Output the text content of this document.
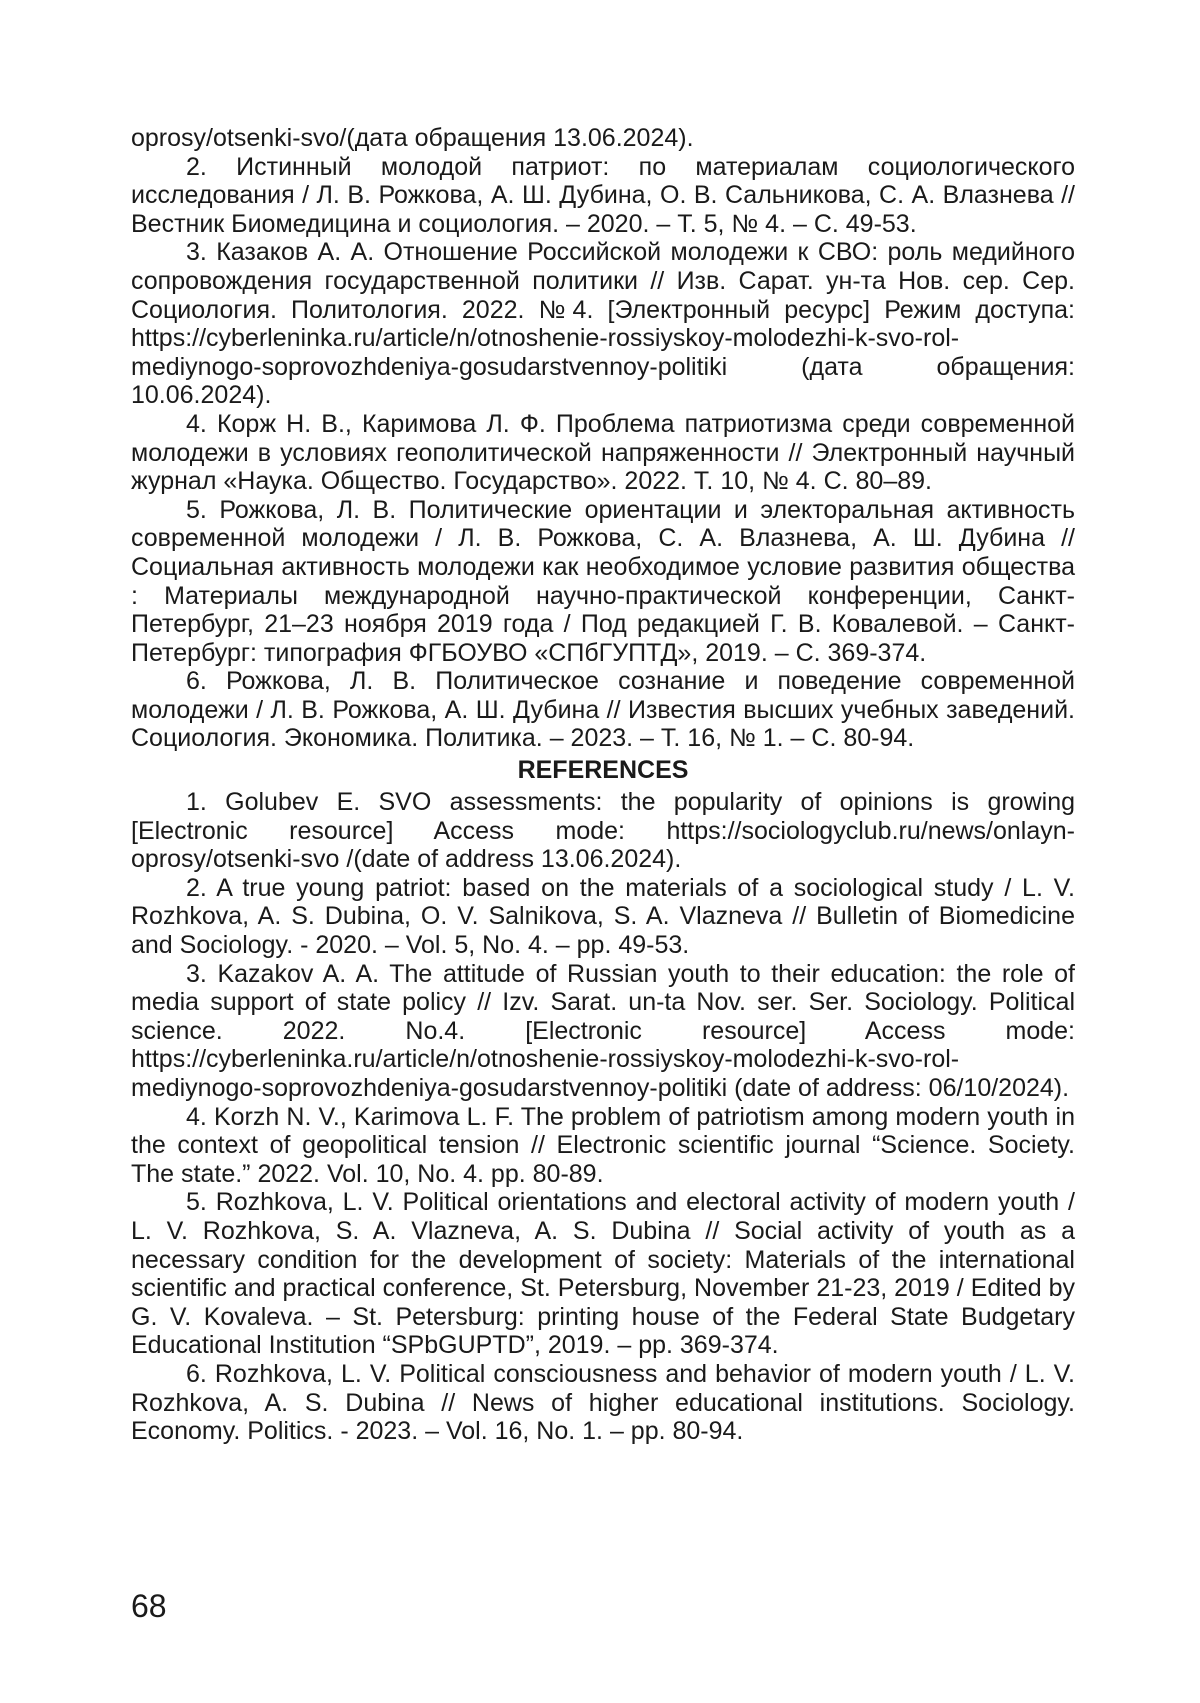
oprosy/otsenki-svo/(дата обращения 13.06.2024).

2. Истинный молодой патриот: по материалам социологического исследования / Л. В. Рожкова, А. Ш. Дубина, О. В. Сальникова, С. А. Влазнева // Вестник Биомедицина и социология. – 2020. – Т. 5, № 4. – С. 49-53.

3. Казаков А. А. Отношение Российской молодежи к СВО: роль медийного сопровождения государственной политики // Изв. Сарат. ун-та Нов. сер. Сер. Социология. Политология. 2022. №4. [Электронный ресурс] Режим доступа: https://cyberleninka.ru/article/n/otnoshenie-rossiyskoy-molodezhi-k-svo-rol-mediynogo-soprovozhdeniya-gosudarstvennoy-politiki (дата обращения: 10.06.2024).

4. Корж Н. В., Каримова Л. Ф. Проблема патриотизма среди современной молодежи в условиях геополитической напряженности // Электронный научный журнал «Наука. Общество. Государство». 2022. Т. 10, № 4. С. 80–89.

5. Рожкова, Л. В. Политические ориентации и электоральная активность современной молодежи / Л. В. Рожкова, С. А. Влазнева, А. Ш. Дубина // Социальная активность молодежи как необходимое условие развития общества : Материалы международной научно-практической конференции, Санкт-Петербург, 21–23 ноября 2019 года / Под редакцией Г. В. Ковалевой. – Санкт-Петербург: типография ФГБОУВО «СПбГУПТД», 2019. – С. 369-374.

6. Рожкова, Л. В. Политическое сознание и поведение современной молодежи / Л. В. Рожкова, А. Ш. Дубина // Известия высших учебных заведений. Социология. Экономика. Политика. – 2023. – Т. 16, № 1. – С. 80-94.

REFERENCES

1. Golubev E. SVO assessments: the popularity of opinions is growing [Electronic resource] Access mode: https://sociologyclub.ru/news/onlayn-oprosy/otsenki-svo /(date of address 13.06.2024).

2. A true young patriot: based on the materials of a sociological study / L. V. Rozhkova, A. S. Dubina, O. V. Salnikova, S. A. Vlazneva // Bulletin of Biomedicine and Sociology. - 2020. – Vol. 5, No. 4. – pp. 49-53.

3. Kazakov A. A. The attitude of Russian youth to their education: the role of media support of state policy // Izv. Sarat. un-ta Nov. ser. Ser. Sociology. Political science. 2022. No.4. [Electronic resource] Access mode: https://cyberleninka.ru/article/n/otnoshenie-rossiyskoy-molodezhi-k-svo-rol-mediynogo-soprovozhdeniya-gosudarstvennoy-politiki (date of address: 06/10/2024).

4. Korzh N. V., Karimova L. F. The problem of patriotism among modern youth in the context of geopolitical tension // Electronic scientific journal “Science. Society. The state.” 2022. Vol. 10, No. 4. pp. 80-89.

5. Rozhkova, L. V. Political orientations and electoral activity of modern youth / L. V. Rozhkova, S. A. Vlazneva, A. S. Dubina // Social activity of youth as a necessary condition for the development of society: Materials of the international scientific and practical conference, St. Petersburg, November 21-23, 2019 / Edited by G. V. Kovaleva. – St. Petersburg: printing house of the Federal State Budgetary Educational Institution “SPbGUPTD”, 2019. – pp. 369-374.

6. Rozhkova, L. V. Political consciousness and behavior of modern youth / L. V. Rozhkova, A. S. Dubina // News of higher educational institutions. Sociology. Economy. Politics. - 2023. – Vol. 16, No. 1. – pp. 80-94.

68
